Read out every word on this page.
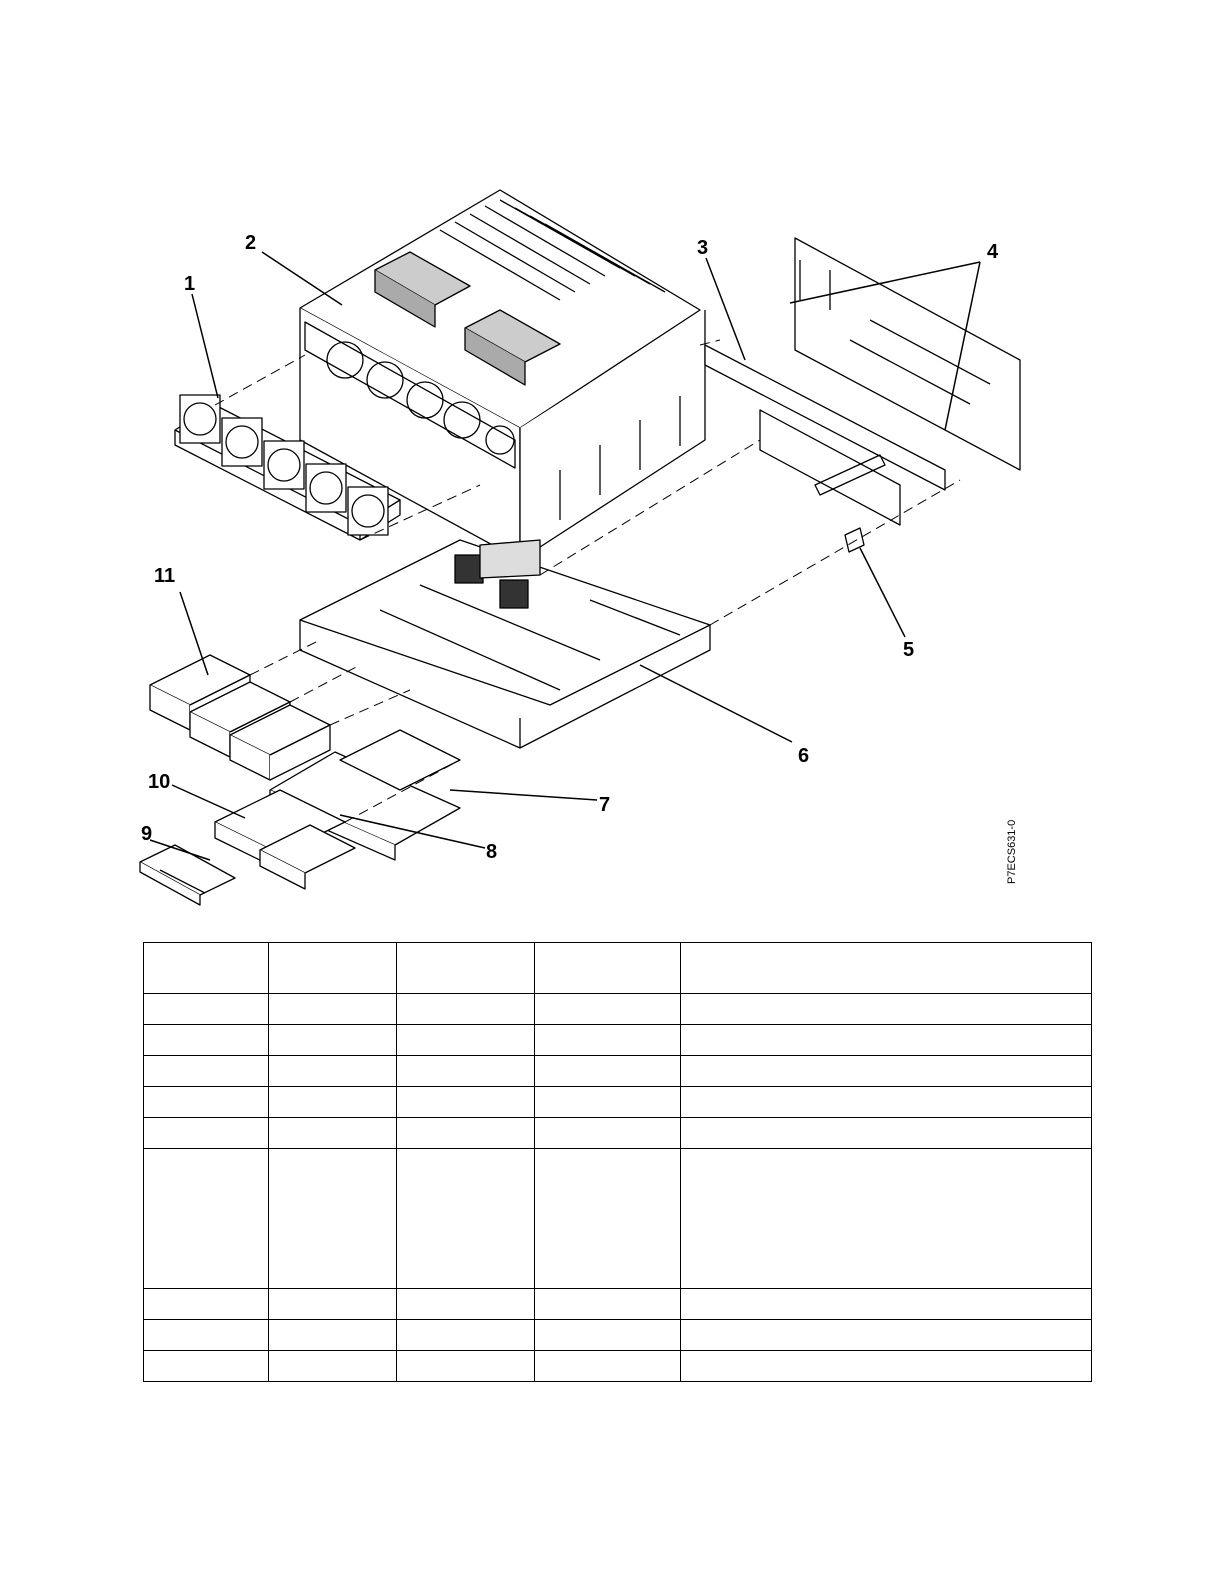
1
2	3	4
5
6
7
8
9
10
11
P7ECS631-0
